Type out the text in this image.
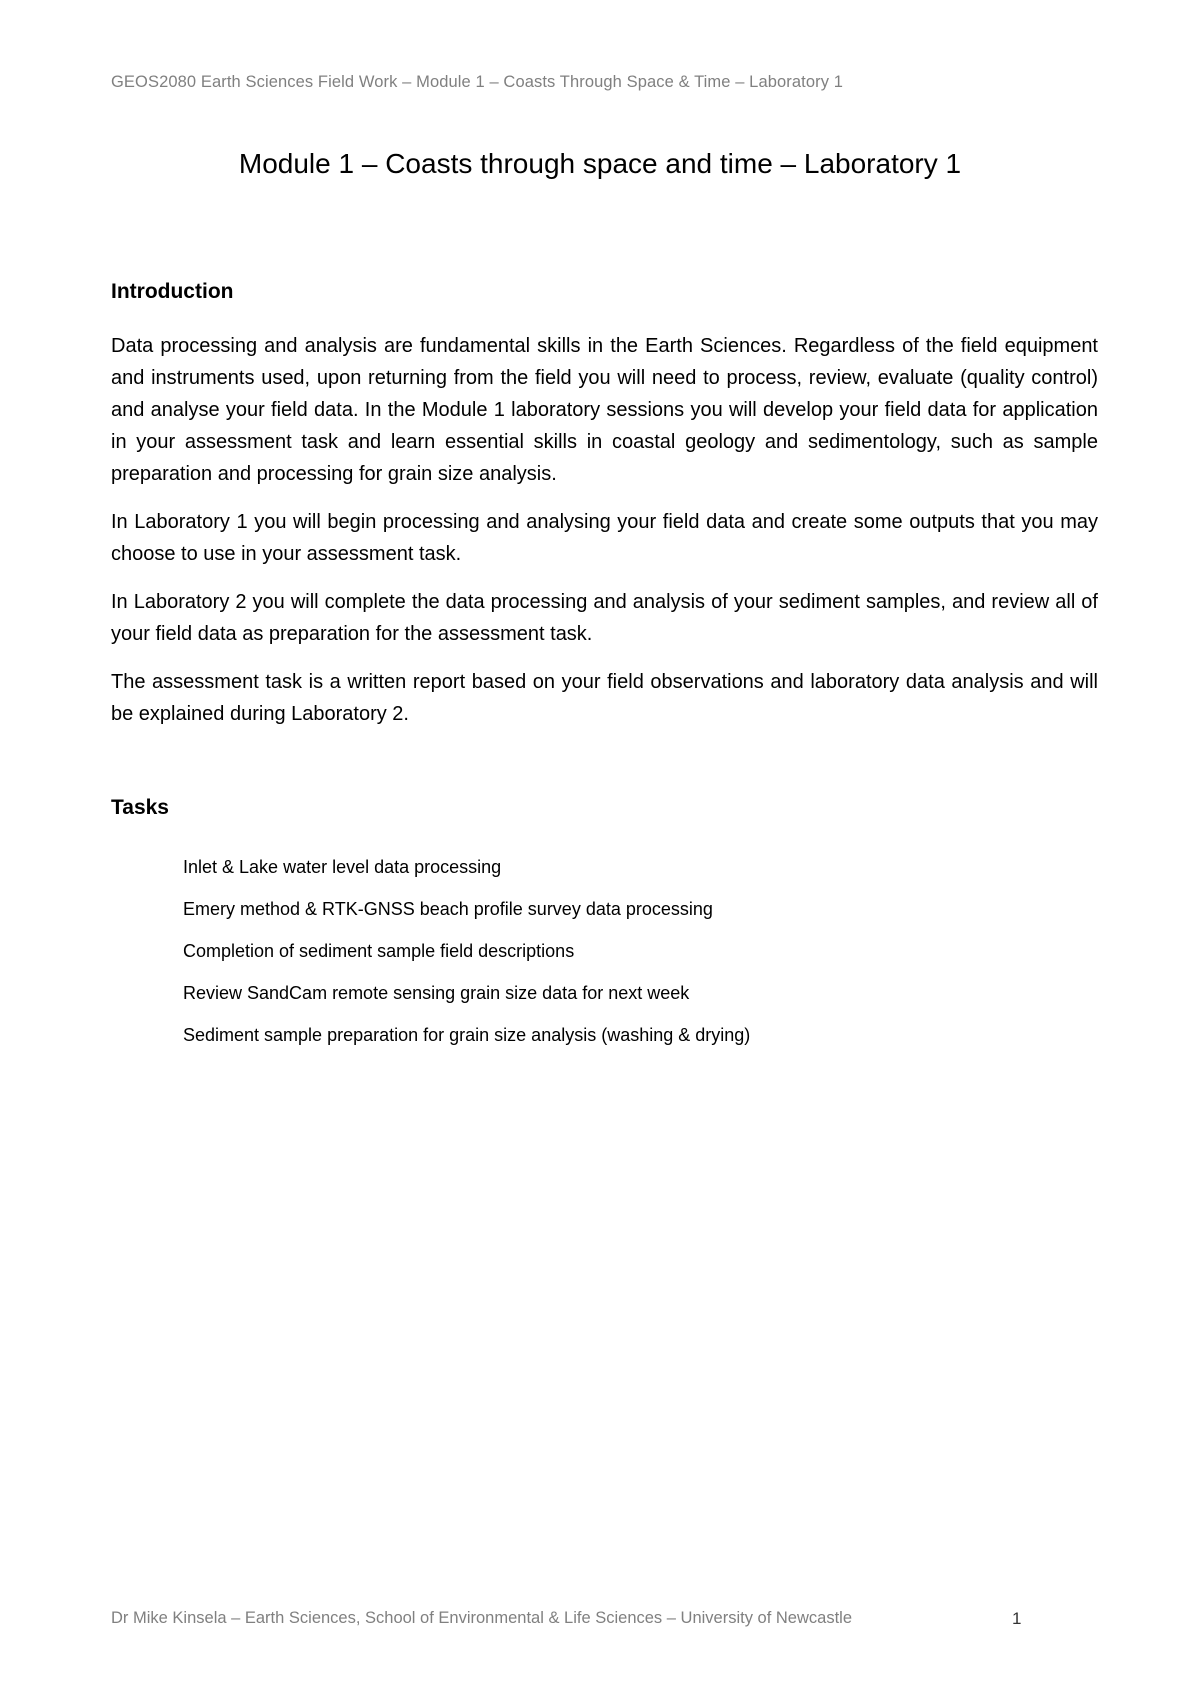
GEOS2080 Earth Sciences Field Work – Module 1 – Coasts Through Space & Time – Laboratory 1
Module 1 – Coasts through space and time – Laboratory 1
Introduction

Data processing and analysis are fundamental skills in the Earth Sciences. Regardless of the field equipment and instruments used, upon returning from the field you will need to process, review, evaluate (quality control) and analyse your field data. In the Module 1 laboratory sessions you will develop your field data for application in your assessment task and learn essential skills in coastal geology and sedimentology, such as sample preparation and processing for grain size analysis.

In Laboratory 1 you will begin processing and analysing your field data and create some outputs that you may choose to use in your assessment task.

In Laboratory 2 you will complete the data processing and analysis of your sediment samples, and review all of your field data as preparation for the assessment task.

The assessment task is a written report based on your field observations and laboratory data analysis and will be explained during Laboratory 2.

Tasks
Inlet & Lake water level data processing
Emery method & RTK-GNSS beach profile survey data processing
Completion of sediment sample field descriptions
Review SandCam remote sensing grain size data for next week
Sediment sample preparation for grain size analysis (washing & drying)
Dr Mike Kinsela – Earth Sciences, School of Environmental & Life Sciences – University of Newcastle	1
